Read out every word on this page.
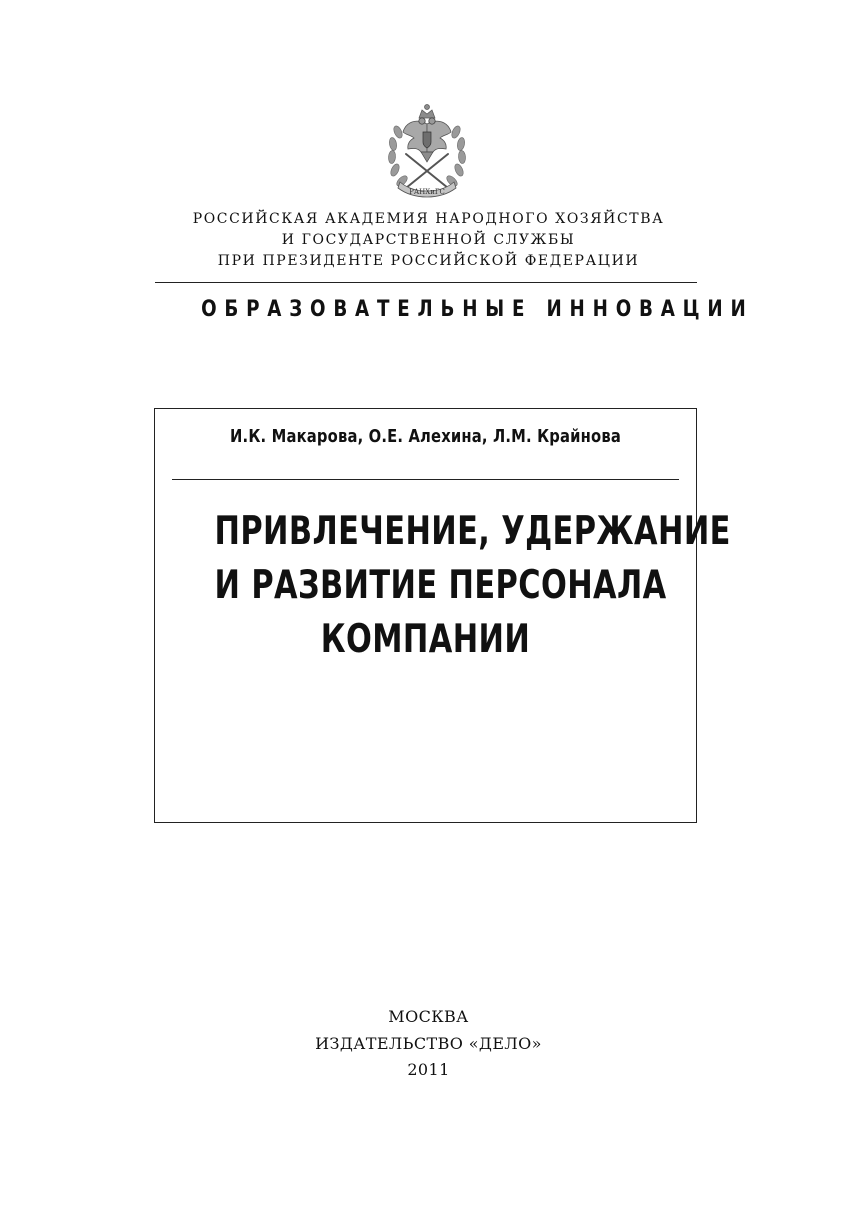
РАНХиГС
РОССИЙСКАЯ АКАДЕМИЯ НАРОДНОГО ХОЗЯЙСТВА
И ГОСУДАРСТВЕННОЙ СЛУЖБЫ
ПРИ ПРЕЗИДЕНТЕ РОССИЙСКОЙ ФЕДЕРАЦИИ
ОБРАЗОВАТЕЛЬНЫЕ ИННОВАЦИИ
И.К. Макарова, О.Е. Алехина, Л.М. Крайнова
ПРИВЛЕЧЕНИЕ, УДЕРЖАНИЕ
И РАЗВИТИЕ ПЕРСОНАЛА
КОМПАНИИ
МОСКВА
ИЗДАТЕЛЬСТВО «ДЕЛО»
2011
